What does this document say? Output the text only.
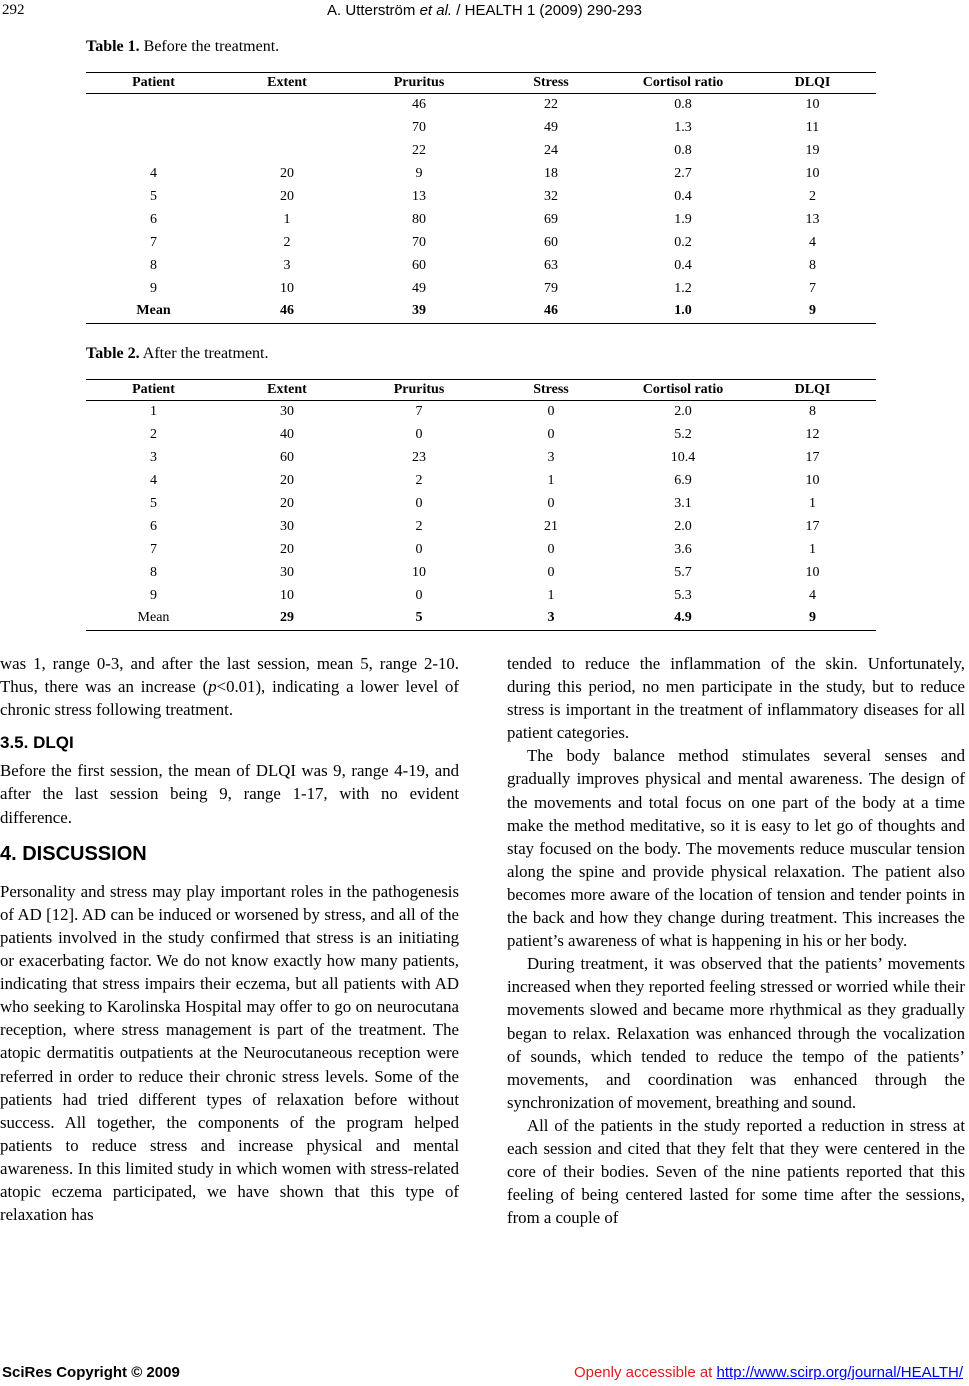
292	A. Utterström et al. / HEALTH 1 (2009) 290-293
Table 1. Before the treatment.
Patient	Extent	Pruritus	Stress	Cortisol ratio	DLQI
		46	22	0.8	10
		70	49	1.3	11
		22	24	0.8	19
4	20	9	18	2.7	10
5	20	13	32	0.4	2
6	1	80	69	1.9	13
7	2	70	60	0.2	4
8	3	60	63	0.4	8
9	10	49	79	1.2	7
Mean	46	39	46	1.0	9
Table 2. After the treatment.
Patient	Extent	Pruritus	Stress	Cortisol ratio	DLQI
1	30	7	0	2.0	8
2	40	0	0	5.2	12
3	60	23	3	10.4	17
4	20	2	1	6.9	10
5	20	0	0	3.1	1
6	30	2	21	2.0	17
7	20	0	0	3.6	1
8	30	10	0	5.7	10
9	10	0	1	5.3	4
Mean	29	5	3	4.9	9

was 1, range 0-3, and after the last session, mean 5, range 2-10. Thus, there was an increase (p<0.01), indicating a lower level of chronic stress following treatment.

3.5. DLQI

Before the first session, the mean of DLQI was 9, range 4-19, and after the last session being 9, range 1-17, with no evident difference.

4. DISCUSSION

Personality and stress may play important roles in the pathogenesis of AD [12]. AD can be induced or worsened by stress, and all of the patients involved in the study confirmed that stress is an initiating or exacerbating factor. We do not know exactly how many patients, indicating that stress impairs their eczema, but all patients with AD who seeking to Karolinska Hospital may offer to go on neurocutana reception, where stress management is part of the treatment. The atopic dermatitis outpatients at the Neurocutaneous reception were referred in order to reduce their chronic stress levels. Some of the patients had tried different types of relaxation before without success. All together, the components of the program helped patients to reduce stress and increase physical and mental awareness. In this limited study in which women with stress-related atopic eczema participated, we have shown that this type of relaxation has

tended to reduce the inflammation of the skin. Unfortunately, during this period, no men participate in the study, but to reduce stress is important in the treatment of inflammatory diseases for all patient categories.

The body balance method stimulates several senses and gradually improves physical and mental awareness. The design of the movements and total focus on one part of the body at a time make the method meditative, so it is easy to let go of thoughts and stay focused on the body. The movements reduce muscular tension along the spine and provide physical relaxation. The patient also becomes more aware of the location of tension and tender points in the back and how they change during treatment. This increases the patient’s awareness of what is happening in his or her body.

During treatment, it was observed that the patients’ movements increased when they reported feeling stressed or worried while their movements slowed and became more rhythmical as they gradually began to relax. Relaxation was enhanced through the vocalization of sounds, which tended to reduce the tempo of the patients’ movements, and coordination was enhanced through the synchronization of movement, breathing and sound.

All of the patients in the study reported a reduction in stress at each session and cited that they felt that they were centered in the core of their bodies. Seven of the nine patients reported that this feeling of being centered lasted for some time after the sessions, from a couple of

SciRes Copyright © 2009	Openly accessible at http://www.scirp.org/journal/HEALTH/
